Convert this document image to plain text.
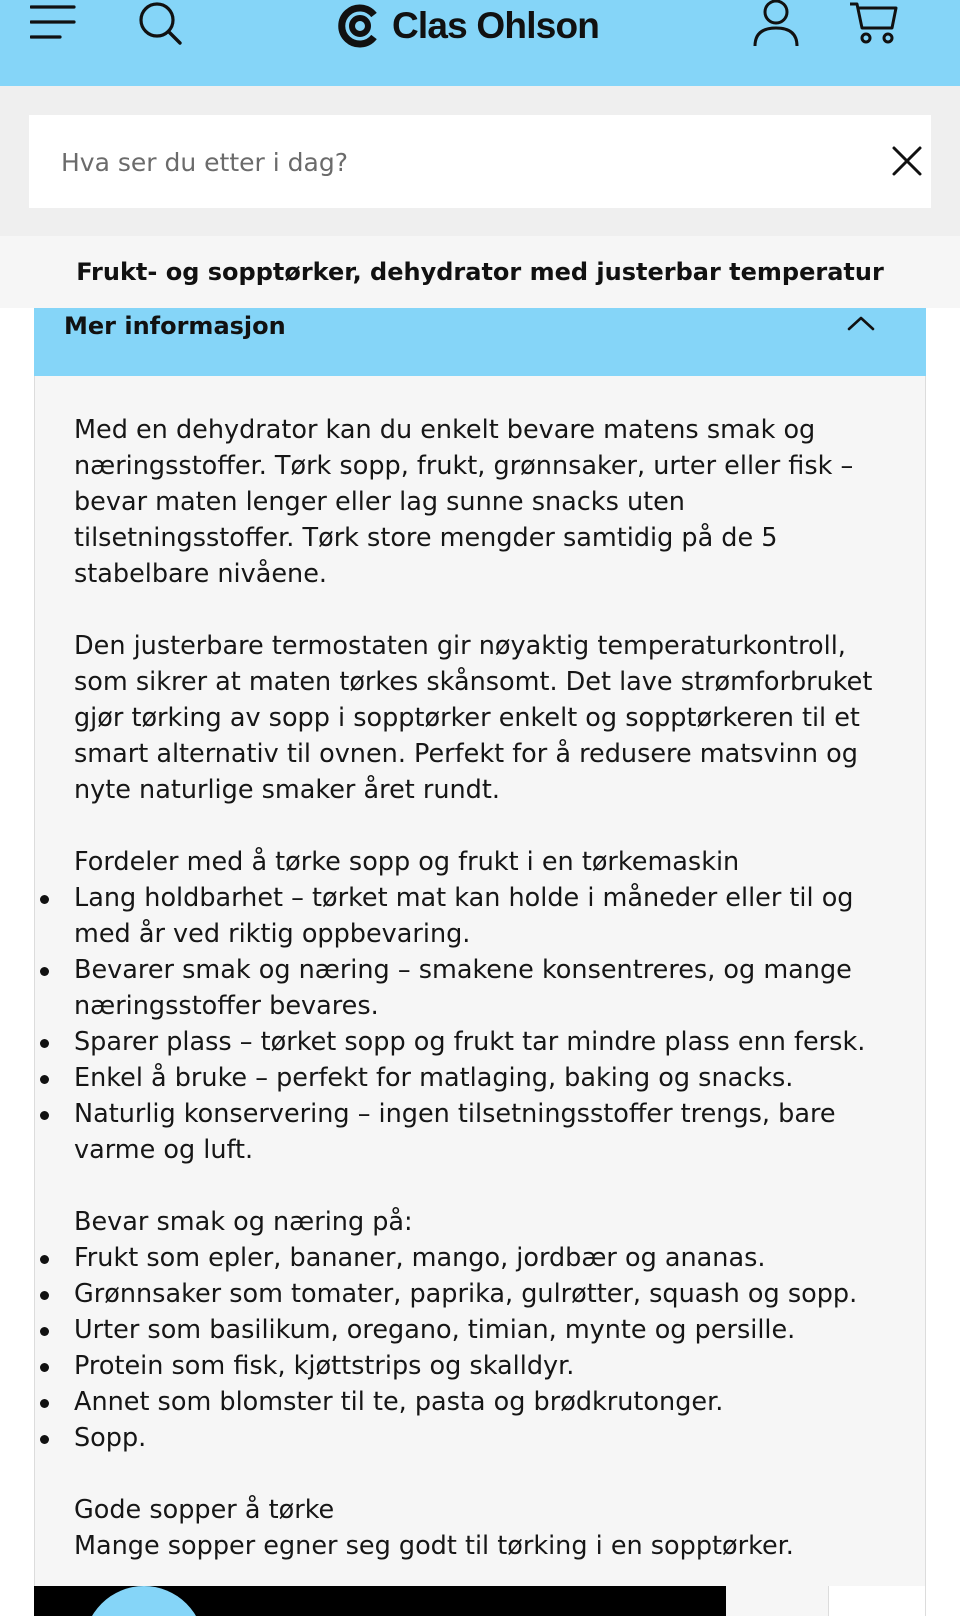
Clas Ohlson
Hva ser du etter i dag?
Frukt- og sopptørker, dehydrator med justerbar temperatur
Mer informasjon

Med en dehydrator kan du enkelt bevare matens smak og næringsstoffer. Tørk sopp, frukt, grønnsaker, urter eller fisk – bevar maten lenger eller lag sunne snacks uten tilsetningsstoffer. Tørk store mengder samtidig på de 5 stabelbare nivåene.

Den justerbare termostaten gir nøyaktig temperaturkontroll, som sikrer at maten tørkes skånsomt. Det lave strømforbruket gjør tørking av sopp i sopptørker enkelt og sopptørkeren til et smart alternativ til ovnen. Perfekt for å redusere matsvinn og nyte naturlige smaker året rundt.

Fordeler med å tørke sopp og frukt i en tørkemaskin

Lang holdbarhet – tørket mat kan holde i måneder eller til og med år ved riktig oppbevaring.
Bevarer smak og næring – smakene konsentreres, og mange næringsstoffer bevares.
Sparer plass – tørket sopp og frukt tar mindre plass enn fersk.
Enkel å bruke – perfekt for matlaging, baking og snacks.
Naturlig konservering – ingen tilsetningsstoffer trengs, bare varme og luft.

Bevar smak og næring på:

Frukt som epler, bananer, mango, jordbær og ananas.
Grønnsaker som tomater, paprika, gulrøtter, squash og sopp.
Urter som basilikum, oregano, timian, mynte og persille.
Protein som fisk, kjøttstrips og skalldyr.
Annet som blomster til te, pasta og brødkrutonger.
Sopp.

Gode sopper å tørke

Mange sopper egner seg godt til tørking i en sopptørker.
